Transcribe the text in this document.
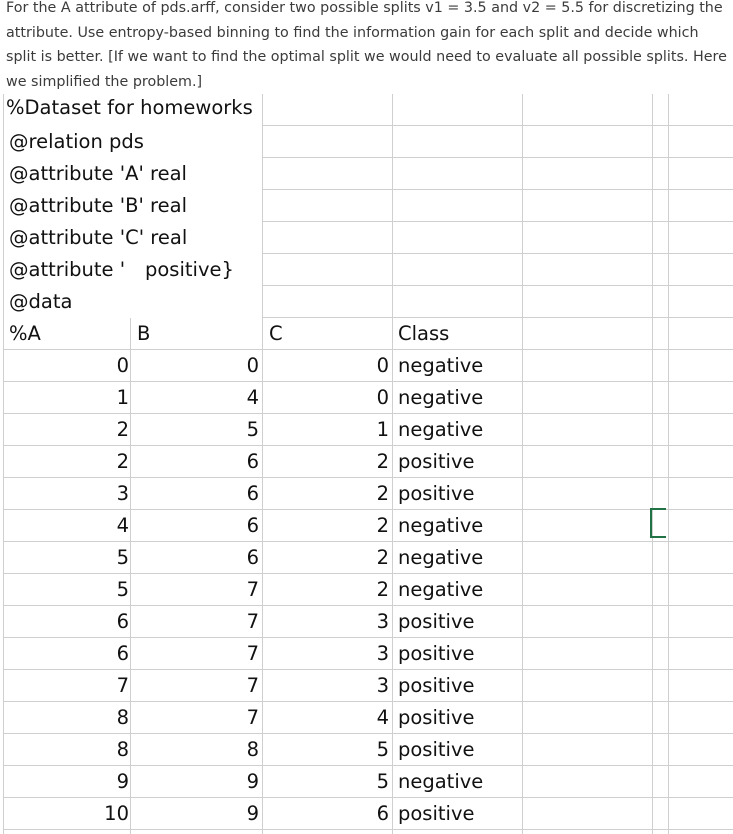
For the A attribute of pds.arff, consider two possible splits v1 = 3.5 and v2 = 5.5 for discretizing the attribute. Use entropy-based binning to find the information gain for each split and decide which split is better. [If we want to find the optimal split we would need to evaluate all possible splits. Here we simplified the problem.]
%Dataset for homeworks
@relation pds
@attribute 'A' real
@attribute 'B' real
@attribute 'C' real
@attribute '	positive}
@data
%A	B	C	Class
0	0	0 negative
1	4	0 negative
2	5	1 negative
2	6	2 positive
3	6	2 positive
4	6	2 negative
5	6	2 negative
5	7	2 negative
6	7	3 positive
6	7	3 positive
7	7	3 positive
8	7	4 positive
8	8	5 positive
9	9	5 negative
10	9	6 positive
